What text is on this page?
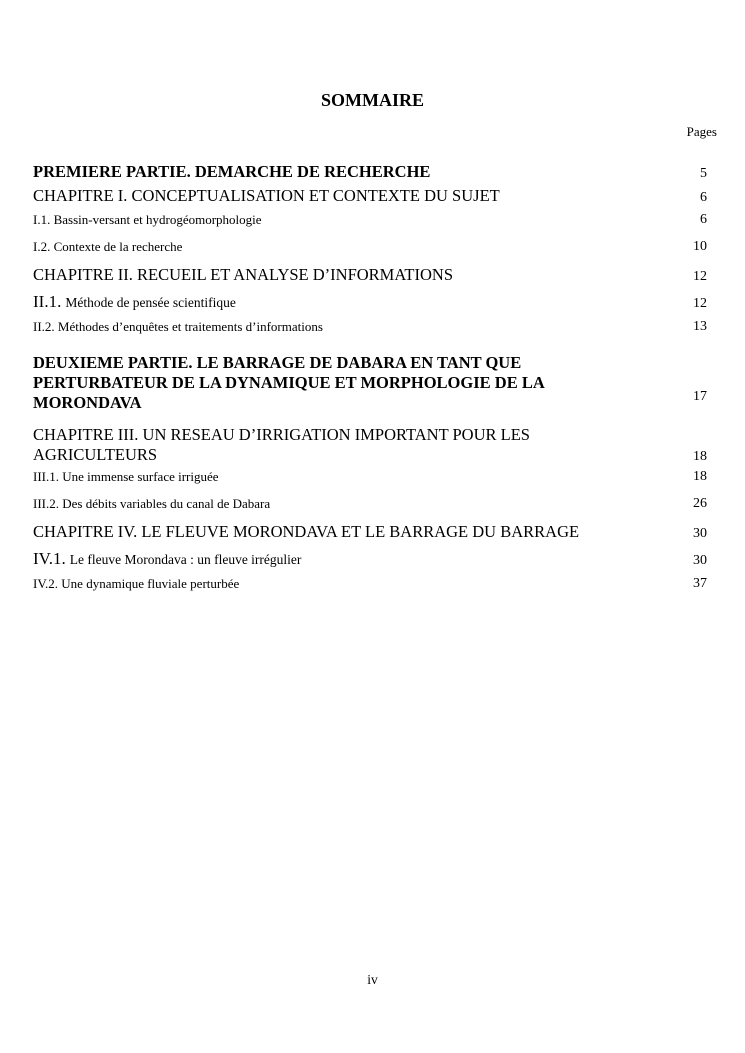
SOMMAIRE
Pages
PREMIERE PARTIE. DEMARCHE DE RECHERCHE	5
CHAPITRE I. CONCEPTUALISATION ET CONTEXTE DU SUJET	6
I.1. Bassin-versant et hydrogéomorphologie	6
I.2. Contexte de la recherche	10
CHAPITRE II. RECUEIL ET ANALYSE D’INFORMATIONS	12
II.1. Méthode de pensée scientifique	12
II.2. Méthodes d’enquêtes et traitements d’informations	13
DEUXIEME PARTIE. LE BARRAGE DE DABARA EN TANT QUE PERTURBATEUR DE LA DYNAMIQUE ET MORPHOLOGIE DE LA MORONDAVA	17
CHAPITRE III. UN RESEAU D’IRRIGATION IMPORTANT POUR LES AGRICULTEURS	18
III.1. Une immense surface irriguée	18
III.2. Des débits variables du canal de Dabara	26
CHAPITRE IV. LE FLEUVE MORONDAVA ET LE BARRAGE DU BARRAGE	30
IV.1. Le fleuve Morondava : un fleuve irrégulier	30
IV.2. Une dynamique fluviale perturbée	37
iv
